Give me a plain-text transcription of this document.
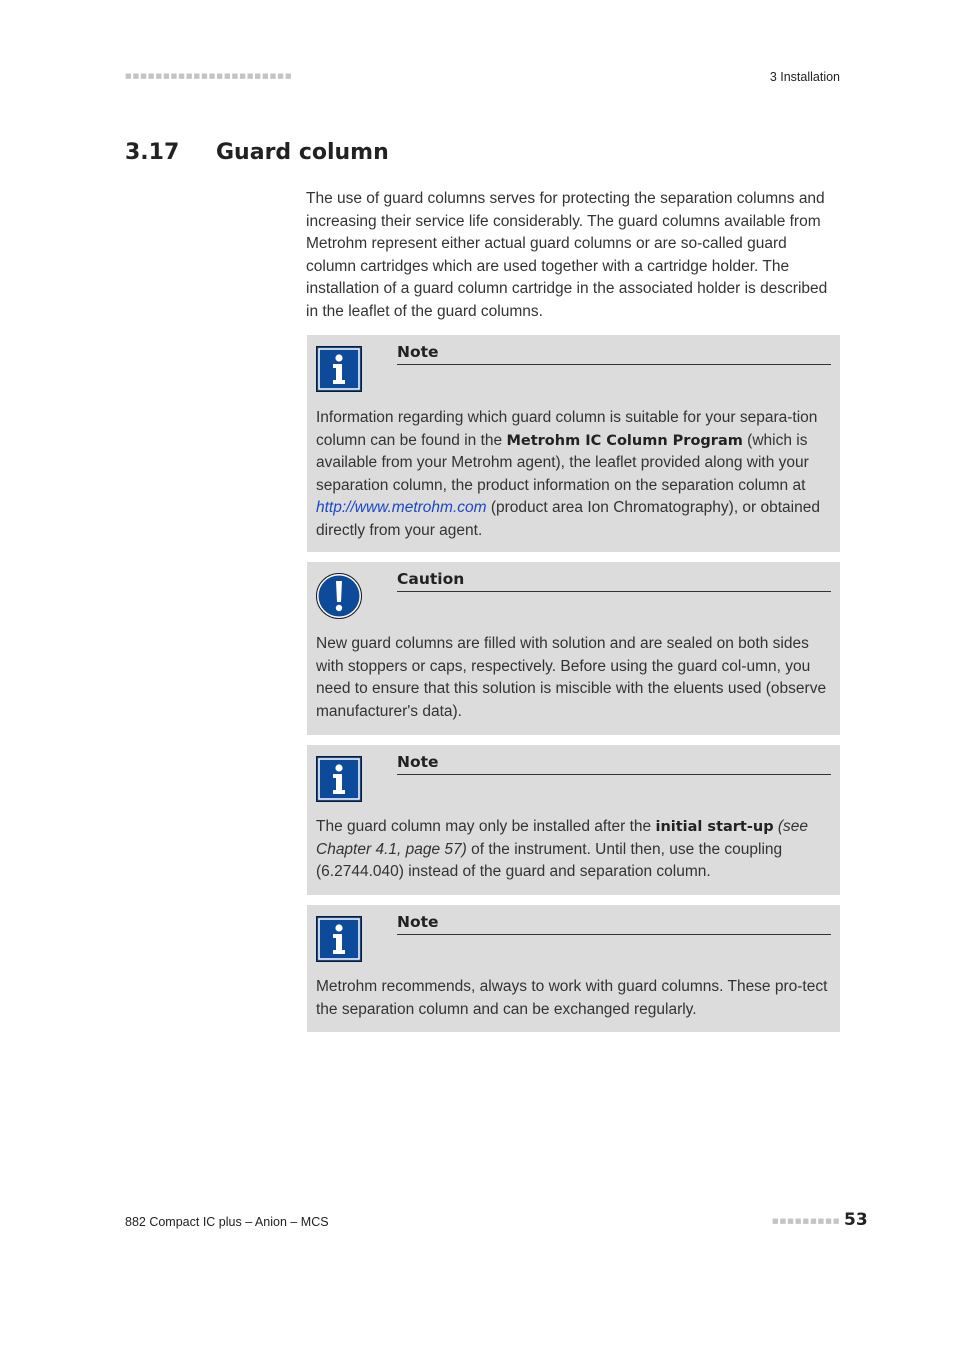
■■■■■■■■■■■■■■■■■■■■■■	3 Installation
3.17 Guard column

The use of guard columns serves for protecting the separation columns and increasing their service life considerably. The guard columns available from Metrohm represent either actual guard columns or are so-called guard column cartridges which are used together with a cartridge holder. The installation of a guard column cartridge in the associated holder is described in the leaflet of the guard columns.

Note

Information regarding which guard column is suitable for your separa-tion column can be found in the Metrohm IC Column Program (which is available from your Metrohm agent), the leaflet provided along with your separation column, the product information on the separation column at http://www.metrohm.com (product area Ion Chromatography), or obtained directly from your agent.

Caution

New guard columns are filled with solution and are sealed on both sides with stoppers or caps, respectively. Before using the guard col-umn, you need to ensure that this solution is miscible with the eluents used (observe manufacturer's data).

Note

The guard column may only be installed after the initial start-up (see Chapter 4.1, page 57) of the instrument. Until then, use the coupling (6.2744.040) instead of the guard and separation column.

Note

Metrohm recommends, always to work with guard columns. These pro-tect the separation column and can be exchanged regularly.

882 Compact IC plus – Anion – MCS	■■■■■■■■■ 53
